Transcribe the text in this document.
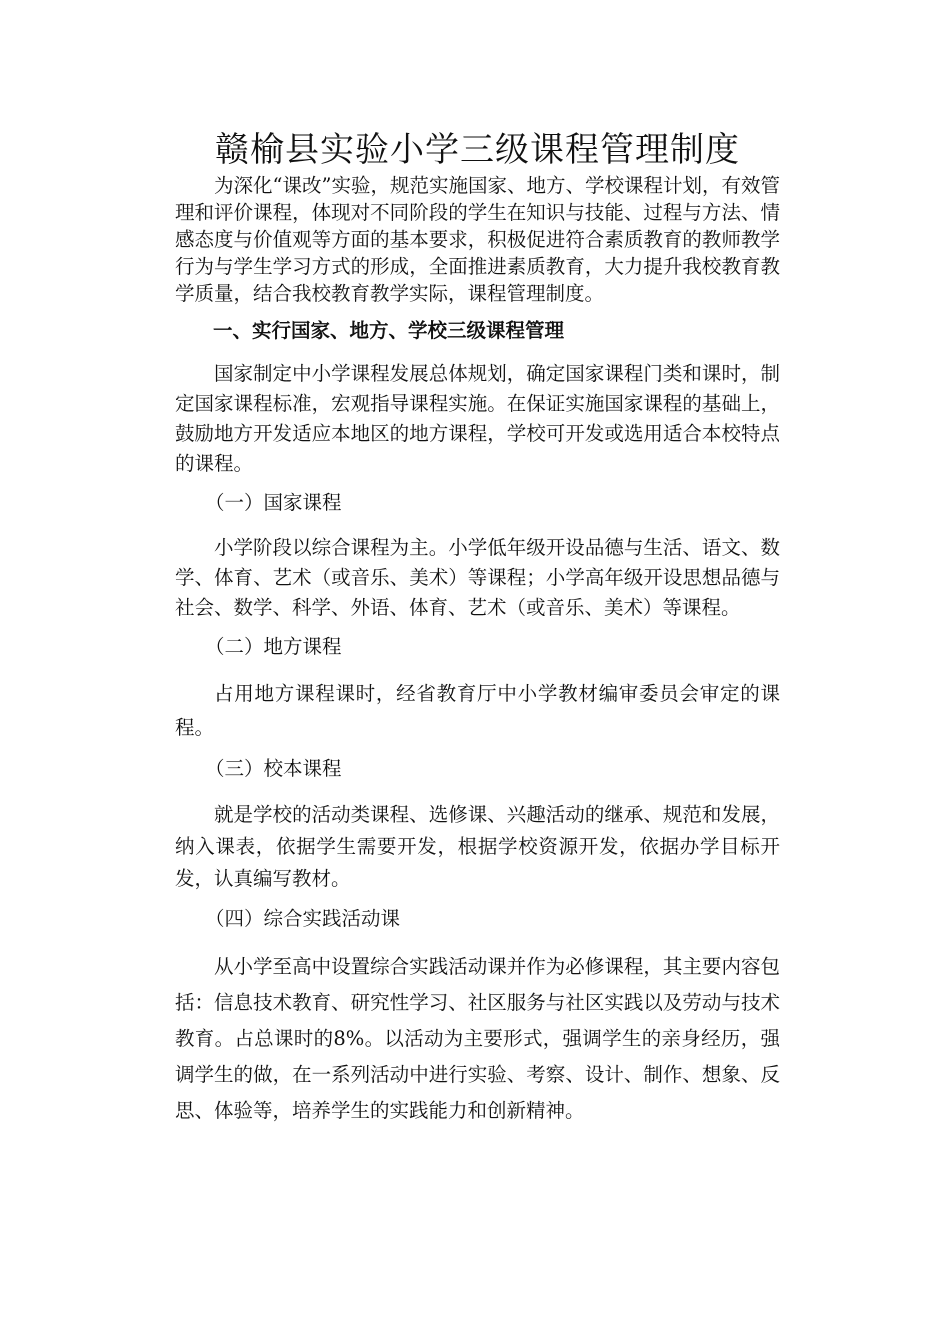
赣榆县实验小学三级课程管理制度

为深化“课改”实验，规范实施国家、地方、学校课程计划，有效管理和评价课程，体现对不同阶段的学生在知识与技能、过程与方法、情感态度与价值观等方面的基本要求，积极促进符合素质教育的教师教学行为与学生学习方式的形成，全面推进素质教育，大力提升我校教育教学质量，结合我校教育教学实际，课程管理制度。

一、实行国家、地方、学校三级课程管理

国家制定中小学课程发展总体规划，确定国家课程门类和课时，制定国家课程标准，宏观指导课程实施。在保证实施国家课程的基础上，鼓励地方开发适应本地区的地方课程，学校可开发或选用适合本校特点的课程。

（一）国家课程

小学阶段以综合课程为主。小学低年级开设品德与生活、语文、数学、体育、艺术（或音乐、美术）等课程；小学高年级开设思想品德与社会、数学、科学、外语、体育、艺术（或音乐、美术）等课程。

（二）地方课程

占用地方课程课时，经省教育厅中小学教材编审委员会审定的课程。

（三）校本课程

就是学校的活动类课程、选修课、兴趣活动的继承、规范和发展，纳入课表，依据学生需要开发，根据学校资源开发，依据办学目标开发，认真编写教材。

（四）综合实践活动课

从小学至高中设置综合实践活动课并作为必修课程，其主要内容包括：信息技术教育、研究性学习、社区服务与社区实践以及劳动与技术教育。占总课时的8%。以活动为主要形式，强调学生的亲身经历，强调学生的做，在一系列活动中进行实验、考察、设计、制作、想象、反思、体验等，培养学生的实践能力和创新精神。
